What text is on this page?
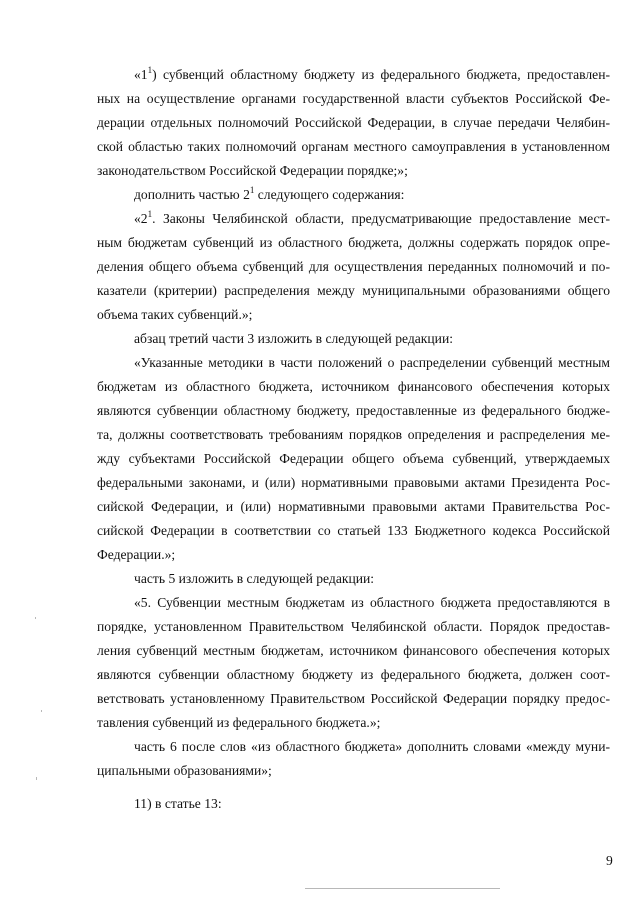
«$1^1$) субвенций областному бюджету из федерального бюджета, предоставлен-
ных на осуществление органами государственной власти субъектов Российской Фе-
дерации отдельных полномочий Российской Федерации, в случае передачи Челябин-
ской областью таких полномочий органам местного самоуправления в установленном
законодательством Российской Федерации порядке;»;
дополнить частью $2^1$ следующего содержания:
«$2^1$. Законы Челябинской области, предусматривающие предоставление мест-
ным бюджетам субвенций из областного бюджета, должны содержать порядок опре-
деления общего объема субвенций для осуществления переданных полномочий и по-
казатели (критерии) распределения между муниципальными образованиями общего
объема таких субвенций.»;
абзац третий части 3 изложить в следующей редакции:
«Указанные методики в части положений о распределении субвенций местным
бюджетам из областного бюджета, источником финансового обеспечения которых
являются субвенции областному бюджету, предоставленные из федерального бюдже-
та, должны соответствовать требованиям порядков определения и распределения ме-
жду субъектами Российской Федерации общего объема субвенций, утверждаемых
федеральными законами, и (или) нормативными правовыми актами Президента Рос-
сийской Федерации, и (или) нормативными правовыми актами Правительства Рос-
сийской Федерации в соответствии со статьей 133 Бюджетного кодекса Российской
Федерации.»;
часть 5 изложить в следующей редакции:
«5. Субвенции местным бюджетам из областного бюджета предоставляются в
порядке, установленном Правительством Челябинской области. Порядок предостав-
ления субвенций местным бюджетам, источником финансового обеспечения которых
являются субвенции областному бюджету из федерального бюджета, должен соот-
ветствовать установленному Правительством Российской Федерации порядку предос-
тавления субвенций из федерального бюджета.»;
часть 6 после слов «из областного бюджета» дополнить словами «между муни-
ципальными образованиями»;
11) в статье 13:
9
